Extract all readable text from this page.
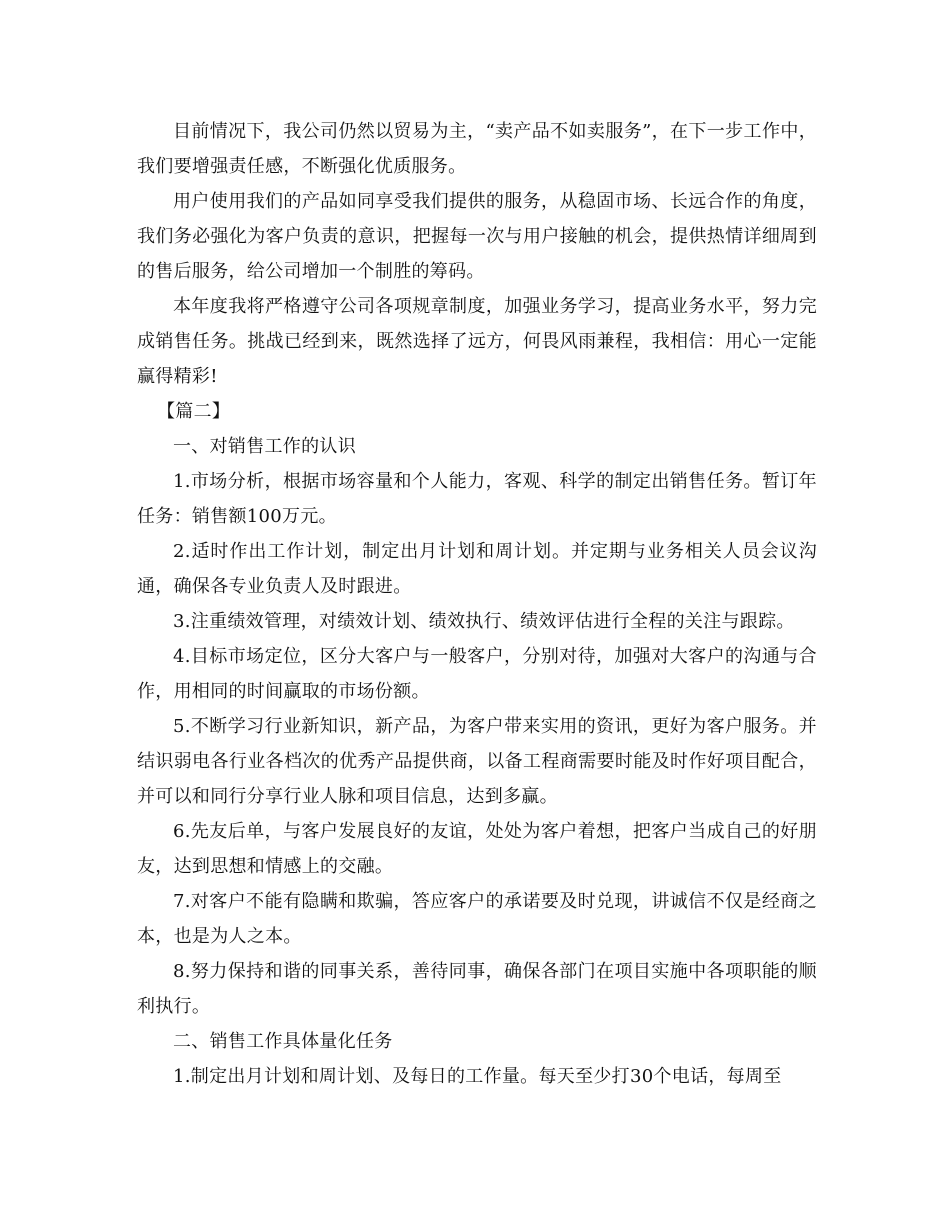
目前情况下，我公司仍然以贸易为主，“卖产品不如卖服务”，在下一步工作中，我们要增强责任感，不断强化优质服务。

用户使用我们的产品如同享受我们提供的服务，从稳固市场、长远合作的角度，我们务必强化为客户负责的意识，把握每一次与用户接触的机会，提供热情详细周到的售后服务，给公司增加一个制胜的筹码。

本年度我将严格遵守公司各项规章制度，加强业务学习，提高业务水平，努力完成销售任务。挑战已经到来，既然选择了远方，何畏风雨兼程，我相信：用心一定能赢得精彩!

【篇二】

一、对销售工作的认识

1.市场分析，根据市场容量和个人能力，客观、科学的制定出销售任务。暂订年任务：销售额100万元。

2.适时作出工作计划，制定出月计划和周计划。并定期与业务相关人员会议沟通，确保各专业负责人及时跟进。

3.注重绩效管理，对绩效计划、绩效执行、绩效评估进行全程的关注与跟踪。

4.目标市场定位，区分大客户与一般客户，分别对待，加强对大客户的沟通与合作，用相同的时间赢取的市场份额。

5.不断学习行业新知识，新产品，为客户带来实用的资讯，更好为客户服务。并结识弱电各行业各档次的优秀产品提供商，以备工程商需要时能及时作好项目配合，并可以和同行分享行业人脉和项目信息，达到多赢。

6.先友后单，与客户发展良好的友谊，处处为客户着想，把客户当成自己的好朋友，达到思想和情感上的交融。

7.对客户不能有隐瞒和欺骗，答应客户的承诺要及时兑现，讲诚信不仅是经商之本，也是为人之本。

8.努力保持和谐的同事关系，善待同事，确保各部门在项目实施中各项职能的顺利执行。

二、销售工作具体量化任务

1.制定出月计划和周计划、及每日的工作量。每天至少打30个电话，每周至
